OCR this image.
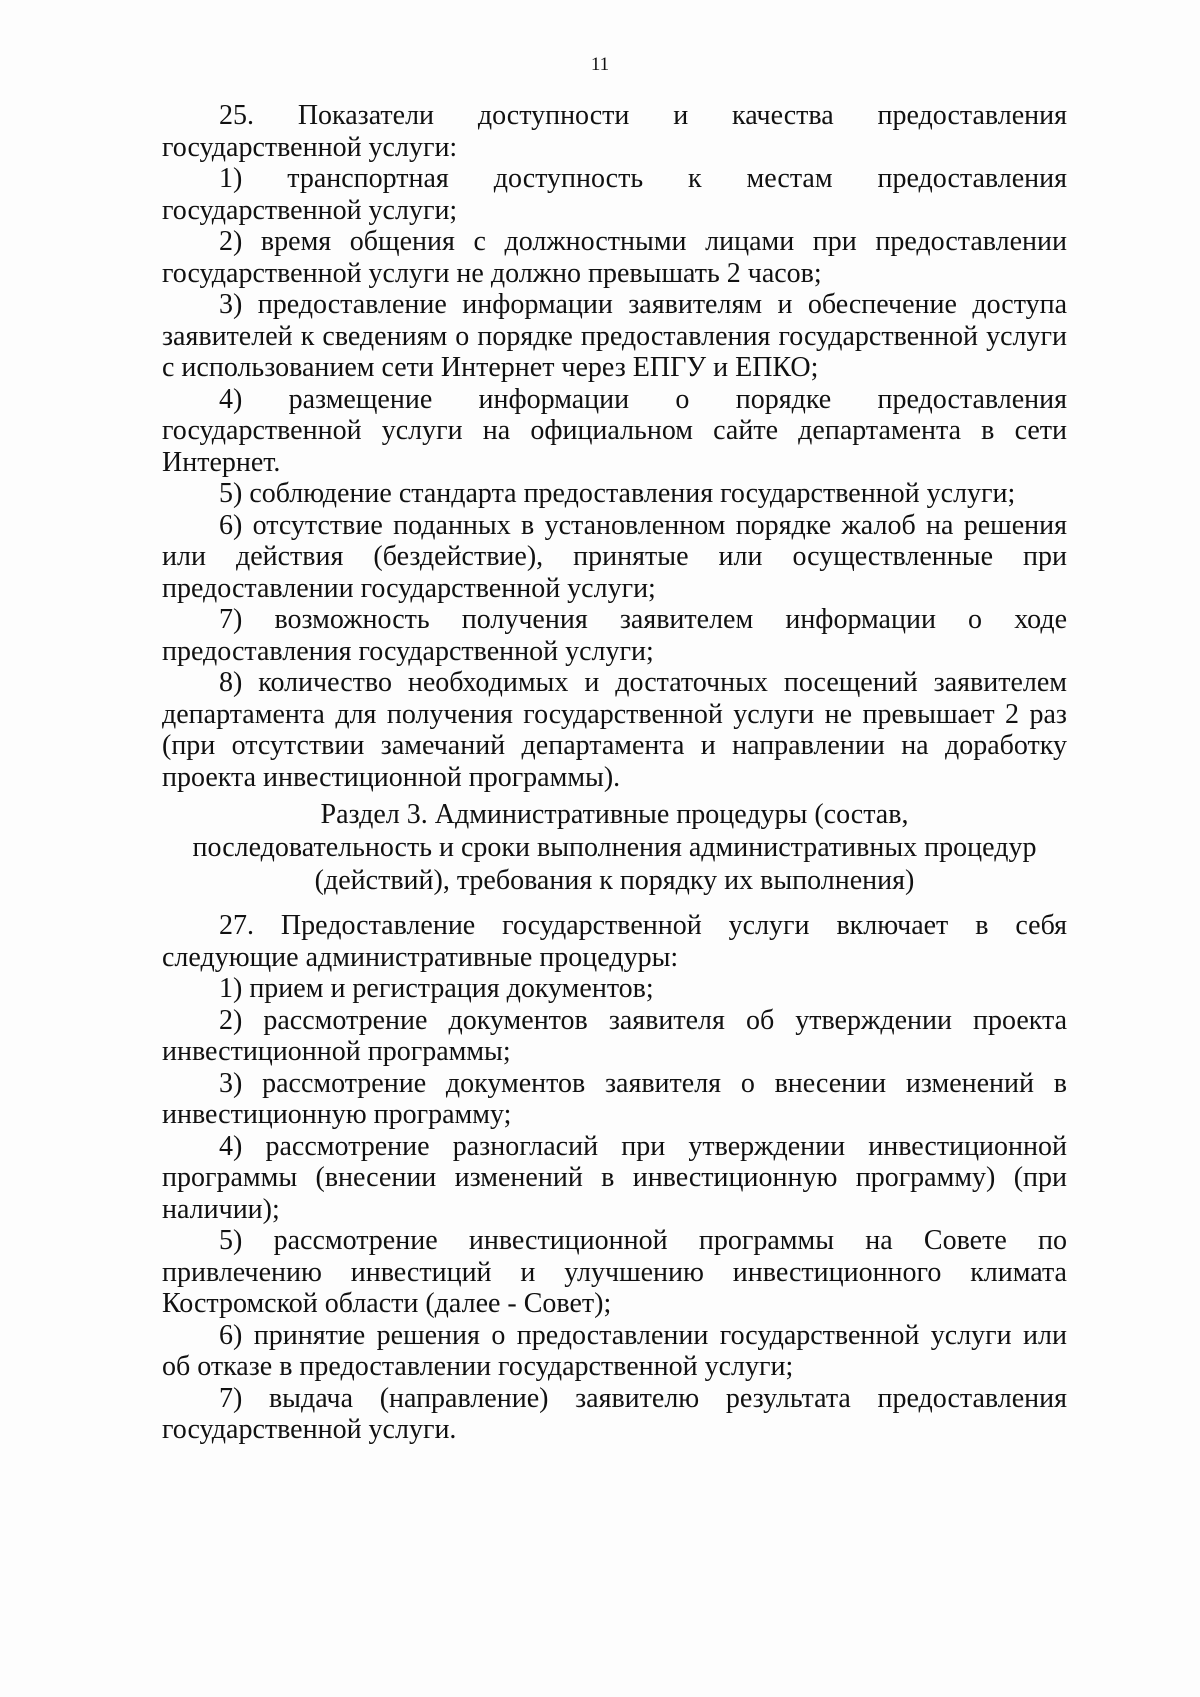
11

25. Показатели доступности и качества предоставления государственной услуги:

1) транспортная доступность к местам предоставления государственной услуги;

2) время общения с должностными лицами при предоставлении государственной услуги не должно превышать 2 часов;

3) предоставление информации заявителям и обеспечение доступа заявителей к сведениям о порядке предоставления государственной услуги с использованием сети Интернет через ЕПГУ и ЕПКО;

4) размещение информации о порядке предоставления государственной услуги на официальном сайте департамента в сети Интернет.

5) соблюдение стандарта предоставления государственной услуги;

6) отсутствие поданных в установленном порядке жалоб на решения или действия (бездействие), принятые или осуществленные при предоставлении государственной услуги;

7) возможность получения заявителем информации о ходе предоставления государственной услуги;

8) количество необходимых и достаточных посещений заявителем департамента для получения государственной услуги не превышает 2 раз (при отсутствии замечаний департамента и направлении на доработку проекта инвестиционной программы).

Раздел 3. Административные процедуры (состав,
последовательность и сроки выполнения административных процедур
(действий), требования к порядку их выполнения)

27. Предоставление государственной услуги включает в себя следующие административные процедуры:

1) прием и регистрация документов;

2) рассмотрение документов заявителя об утверждении проекта инвестиционной программы;

3) рассмотрение документов заявителя о внесении изменений в инвестиционную программу;

4) рассмотрение разногласий при утверждении инвестиционной программы (внесении изменений в инвестиционную программу) (при наличии);

5) рассмотрение инвестиционной программы на Совете по привлечению инвестиций и улучшению инвестиционного климата Костромской области (далее - Совет);

6) принятие решения о предоставлении государственной услуги или об отказе в предоставлении государственной услуги;

7) выдача (направление) заявителю результата предоставления государственной услуги.
